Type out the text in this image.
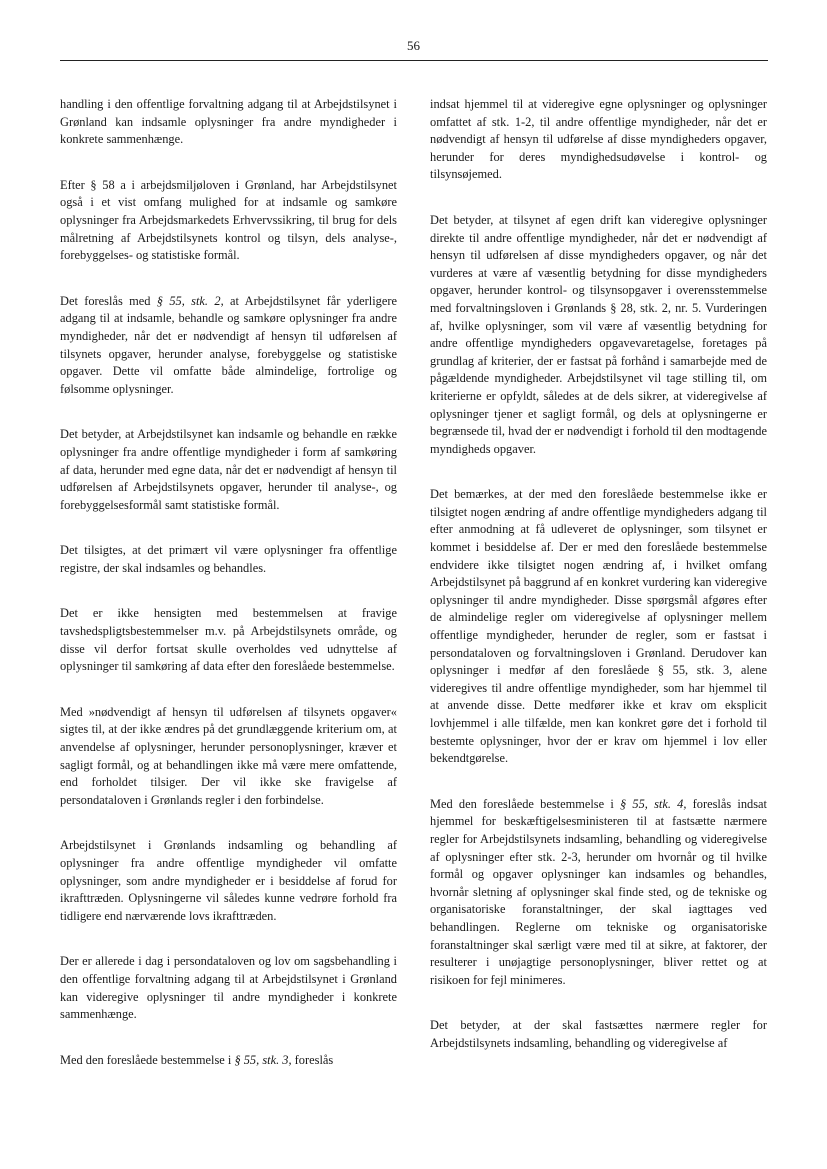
56

handling i den offentlige forvaltning adgang til at Arbejdstilsynet i Grønland kan indsamle oplysninger fra andre myndigheder i konkrete sammenhænge.

Efter § 58 a i arbejdsmiljøloven i Grønland, har Arbejdstilsynet også i et vist omfang mulighed for at indsamle og samkøre oplysninger fra Arbejdsmarkedets Erhvervssikring, til brug for dels målretning af Arbejdstilsynets kontrol og tilsyn, dels analyse-, forebyggelses- og statistiske formål.

Det foreslås med § 55, stk. 2, at Arbejdstilsynet får yderligere adgang til at indsamle, behandle og samkøre oplysninger fra andre myndigheder, når det er nødvendigt af hensyn til udførelsen af tilsynets opgaver, herunder analyse, forebyggelse og statistiske opgaver. Dette vil omfatte både almindelige, fortrolige og følsomme oplysninger.

Det betyder, at Arbejdstilsynet kan indsamle og behandle en række oplysninger fra andre offentlige myndigheder i form af samkøring af data, herunder med egne data, når det er nødvendigt af hensyn til udførelsen af Arbejdstilsynets opgaver, herunder til analyse-, og forebyggelsesformål samt statistiske formål.

Det tilsigtes, at det primært vil være oplysninger fra offentlige registre, der skal indsamles og behandles.

Det er ikke hensigten med bestemmelsen at fravige tavshedspligtsbestemmelser m.v. på Arbejdstilsynets område, og disse vil derfor fortsat skulle overholdes ved udnyttelse af oplysninger til samkøring af data efter den foreslåede bestemmelse.

Med »nødvendigt af hensyn til udførelsen af tilsynets opgaver« sigtes til, at der ikke ændres på det grundlæggende kriterium om, at anvendelse af oplysninger, herunder personoplysninger, kræver et sagligt formål, og at behandlingen ikke må være mere omfattende, end forholdet tilsiger. Der vil ikke ske fravigelse af persondataloven i Grønlands regler i den forbindelse.

Arbejdstilsynet i Grønlands indsamling og behandling af oplysninger fra andre offentlige myndigheder vil omfatte oplysninger, som andre myndigheder er i besiddelse af forud for ikrafttræden. Oplysningerne vil således kunne vedrøre forhold fra tidligere end nærværende lovs ikrafttræden.

Der er allerede i dag i persondataloven og lov om sagsbehandling i den offentlige forvaltning adgang til at Arbejdstilsynet i Grønland kan videregive oplysninger til andre myndigheder i konkrete sammenhænge.

Med den foreslåede bestemmelse i § 55, stk. 3, foreslås

indsat hjemmel til at videregive egne oplysninger og oplysninger omfattet af stk. 1-2, til andre offentlige myndigheder, når det er nødvendigt af hensyn til udførelse af disse myndigheders opgaver, herunder for deres myndighedsudøvelse i kontrol- og tilsynsøjemed.

Det betyder, at tilsynet af egen drift kan videregive oplysninger direkte til andre offentlige myndigheder, når det er nødvendigt af hensyn til udførelsen af disse myndigheders opgaver, og når det vurderes at være af væsentlig betydning for disse myndigheders opgaver, herunder kontrol- og tilsynsopgaver i overensstemmelse med forvaltningsloven i Grønlands § 28, stk. 2, nr. 5. Vurderingen af, hvilke oplysninger, som vil være af væsentlig betydning for andre offentlige myndigheders opgavevaretagelse, foretages på grundlag af kriterier, der er fastsat på forhånd i samarbejde med de pågældende myndigheder. Arbejdstilsynet vil tage stilling til, om kriterierne er opfyldt, således at de dels sikrer, at videregivelse af oplysninger tjener et sagligt formål, og dels at oplysningerne er begrænsede til, hvad der er nødvendigt i forhold til den modtagende myndigheds opgaver.

Det bemærkes, at der med den foreslåede bestemmelse ikke er tilsigtet nogen ændring af andre offentlige myndigheders adgang til efter anmodning at få udleveret de oplysninger, som tilsynet er kommet i besiddelse af. Der er med den foreslåede bestemmelse endvidere ikke tilsigtet nogen ændring af, i hvilket omfang Arbejdstilsynet på baggrund af en konkret vurdering kan videregive oplysninger til andre myndigheder. Disse spørgsmål afgøres efter de almindelige regler om videregivelse af oplysninger mellem offentlige myndigheder, herunder de regler, som er fastsat i persondataloven og forvaltningsloven i Grønland. Derudover kan oplysninger i medfør af den foreslåede § 55, stk. 3, alene videregives til andre offentlige myndigheder, som har hjemmel til at anvende disse. Dette medfører ikke et krav om eksplicit lovhjemmel i alle tilfælde, men kan konkret gøre det i forhold til bestemte oplysninger, hvor der er krav om hjemmel i lov eller bekendtgørelse.

Med den foreslåede bestemmelse i § 55, stk. 4, foreslås indsat hjemmel for beskæftigelsesministeren til at fastsætte nærmere regler for Arbejdstilsynets indsamling, behandling og videregivelse af oplysninger efter stk. 2-3, herunder om hvornår og til hvilke formål og opgaver oplysninger kan indsamles og behandles, hvornår sletning af oplysninger skal finde sted, og de tekniske og organisatoriske foranstaltninger, der skal iagttages ved behandlingen. Reglerne om tekniske og organisatoriske foranstaltninger skal særligt være med til at sikre, at faktorer, der resulterer i unøjagtige personoplysninger, bliver rettet og at risikoen for fejl minimeres.

Det betyder, at der skal fastsættes nærmere regler for Arbejdstilsynets indsamling, behandling og videregivelse af
